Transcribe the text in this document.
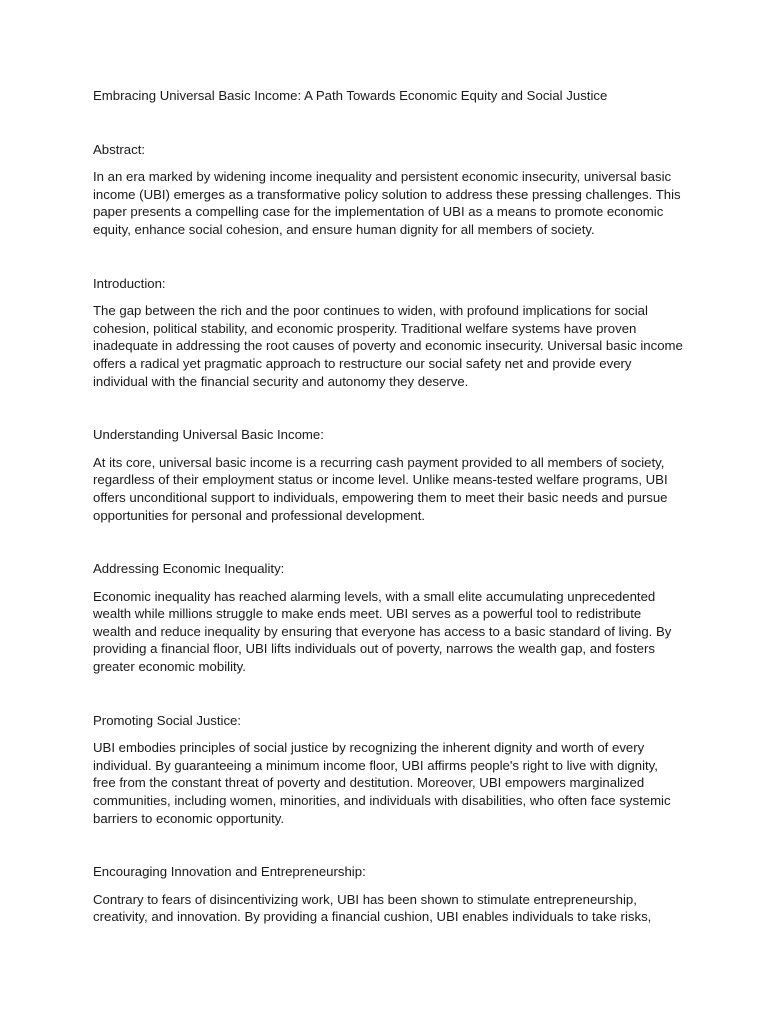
Embracing Universal Basic Income: A Path Towards Economic Equity and Social Justice

Abstract:

In an era marked by widening income inequality and persistent economic insecurity, universal basic income (UBI) emerges as a transformative policy solution to address these pressing challenges. This paper presents a compelling case for the implementation of UBI as a means to promote economic equity, enhance social cohesion, and ensure human dignity for all members of society.

Introduction:

The gap between the rich and the poor continues to widen, with profound implications for social cohesion, political stability, and economic prosperity. Traditional welfare systems have proven inadequate in addressing the root causes of poverty and economic insecurity. Universal basic income offers a radical yet pragmatic approach to restructure our social safety net and provide every individual with the financial security and autonomy they deserve.

Understanding Universal Basic Income:

At its core, universal basic income is a recurring cash payment provided to all members of society, regardless of their employment status or income level. Unlike means-tested welfare programs, UBI offers unconditional support to individuals, empowering them to meet their basic needs and pursue opportunities for personal and professional development.

Addressing Economic Inequality:

Economic inequality has reached alarming levels, with a small elite accumulating unprecedented wealth while millions struggle to make ends meet. UBI serves as a powerful tool to redistribute wealth and reduce inequality by ensuring that everyone has access to a basic standard of living. By providing a financial floor, UBI lifts individuals out of poverty, narrows the wealth gap, and fosters greater economic mobility.

Promoting Social Justice:

UBI embodies principles of social justice by recognizing the inherent dignity and worth of every individual. By guaranteeing a minimum income floor, UBI affirms people's right to live with dignity, free from the constant threat of poverty and destitution. Moreover, UBI empowers marginalized communities, including women, minorities, and individuals with disabilities, who often face systemic barriers to economic opportunity.

Encouraging Innovation and Entrepreneurship:

Contrary to fears of disincentivizing work, UBI has been shown to stimulate entrepreneurship, creativity, and innovation. By providing a financial cushion, UBI enables individuals to take risks,
